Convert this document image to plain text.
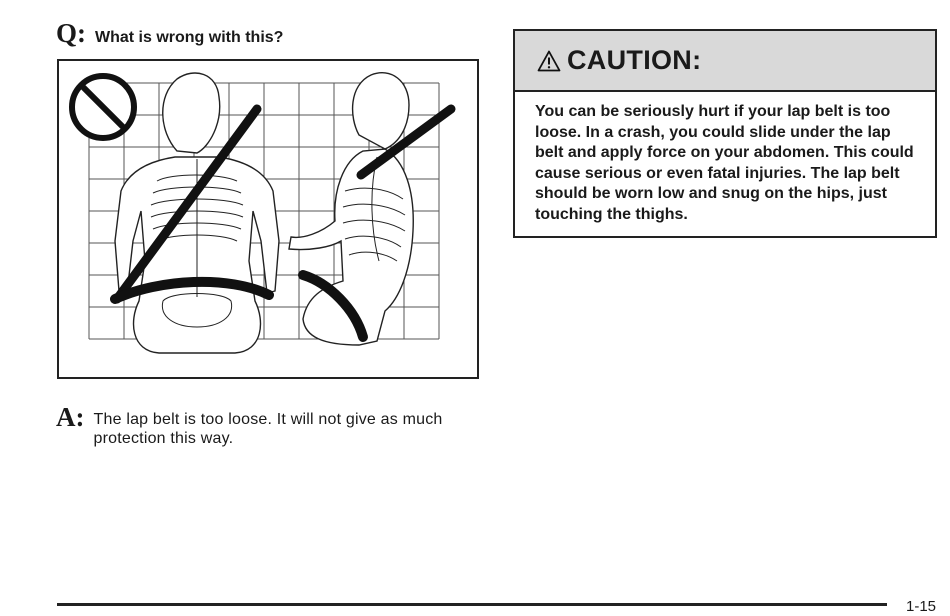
Q: What is wrong with this?
A: The lap belt is too loose. It will not give as much protection this way.
CAUTION:
You can be seriously hurt if your lap belt is too loose. In a crash, you could slide under the lap belt and apply force on your abdomen. This could cause serious or even fatal injuries. The lap belt should be worn low and snug on the hips, just touching the thighs.
1-15
